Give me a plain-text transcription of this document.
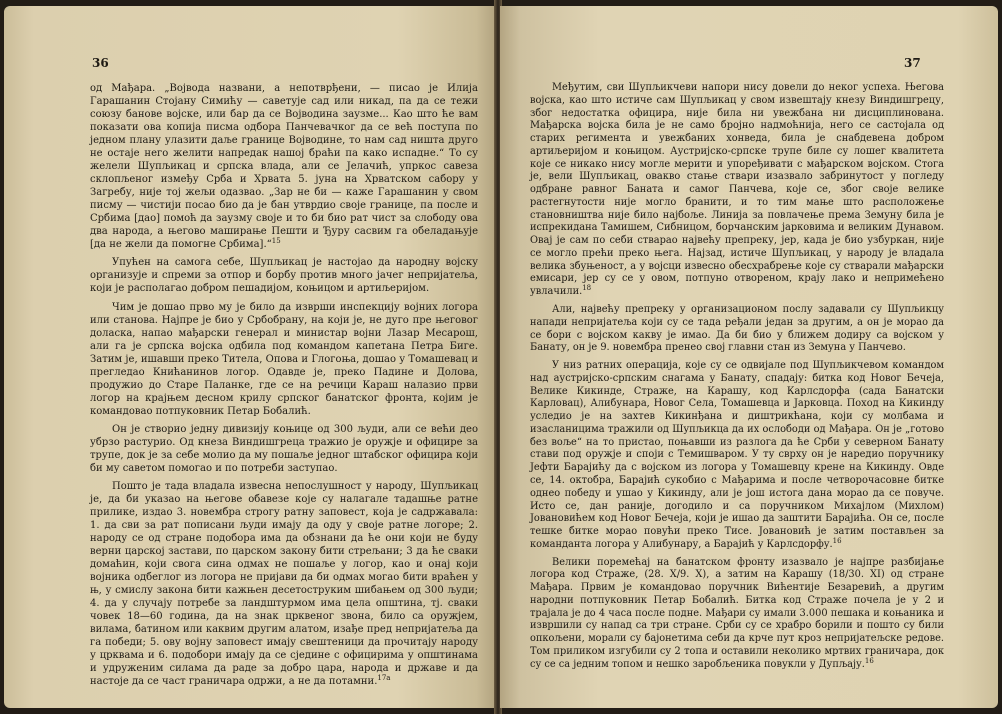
36

од Мађара. „Војвода названи, а непотврђени, — писао је Илија Гарашанин Стојану Симићу — саветује сад или никад, па да се тежи союзу банове војске, или бар да се Војводина заузме... Као што ће вам показати ова копија писма одбора Панчевачког да се већ поступа по једном плану улазити даље границе Војводине, то нам сад ништа друго не остаје него желити напредак нашој браћи па како испадне.“ То су желели Шупљикац и српска влада, али се Јелачић, упркос савеза склопљеног између Срба и Хрвата 5. јуна на Хрватском сабору у Загребу, није тој жељи одазвао. „Зар не би — каже Гарашанин у свом писму — чистији посао био да је бан утврдио своје границе, па после и Србима [дао] помоћ да заузму своје и то би био рат чист за слободу ова два народа, а његово маширање Пешти и Ђуру сасвим га обеладањује [да не жели да помогне Србима].“$^{15}$

Упућен на самога себе, Шупљикац је настојао да народну војску организује и спреми за отпор и борбу против много јачег непријатеља, који је располагао добром пешадијом, коњицом и артиљеријом.

Чим је дошао прво му је било да изврши инспекцију војних логора или станова. Најпре је био у Србобрану, на који је, не дуго пре његовог доласка, напао мађарски генерал и министар војни Лазар Месарош, али га је српска војска одбила под командом капетана Петра Биге. Затим је, ишавши преко Титела, Опова и Глогоња, дошао у Томашевац и прегледао Книћанинов логор. Одавде је, преко Падине и Долова, продужио до Старе Паланке, где се на речици Караш налазио први логор на крајњем десном крилу српског банатског фронта, којим је командовао потпуковник Петар Бобалић.

Он је створио једну дивизију коњице од 300 људи, али се већи део убрзо растурио. Од кнеза Виндишгреца тражио је оружје и официре за трупе, док је за себе молио да му пошаље једног штабског официра који би му саветом помогао и по потреби заступао.

Пошто је тада владала извесна непослушност у народу, Шупљикац је, да би указао на његове обавезе које су налагале тадашње ратне прилике, издао 3. новембра строгу ратну заповест, која је садржавала: 1. да сви за рат пописани људи имају да оду у своје ратне логоре; 2. народу се од стране подобора има да обзнани да ће они који не буду верни царској застави, по царском закону бити стрељани; 3 да ће сваки домаћин, који свога сина одмах не пошаље у логор, као и онај који војника одбеглог из логора не пријави да би одмах могао бити враћен у њ, у смислу закона бити кажњен десетоструким шибањем од 300 људи; 4. да у случају потребе за ландштурмом има цела општина, тј. сваки човек 18—60 година, да на знак црквеног звона, било са оружјем, вилама, батином или каквим другим алатом, изађе пред непријатеља да га победи; 5. ову војну заповест имају свештеници да прочитају народу у црквама и 6. подобори имају да се сједине с официрима у општинама и удруженим силама да раде за добро цара, народа и државе и да настоје да се част граничара одржи, а не да потамни.$^{17a}$

37

Међутим, сви Шупљикчеви напори нису довели до неког успеха. Његова војска, као што истиче сам Шупљикац у свом извештају кнезу Виндишгрецу, због недостатка официра, није била ни увежбана ни дисциплинована. Мађарска војска била је не само бројно надмоћнија, него се састојала од старих регимента и увежбаних хонведа, била је снабдевена добром артиљеријом и коњицом. Аустријско-српске трупе биле су лошег квалитета које се никако нису могле мерити и упоређивати с мађарском војском. Стога је, вели Шупљикац, овакво стање ствари изазвало забринутост у погледу одбране равног Баната и самог Панчева, које се, због своје велике растегнутости није могло бранити, и то тим мање што расположење становништва није било најбоље. Линија за повлачење према Земуну била је испрекидана Тамишем, Сибницом, борчанским јарковима и великим Дунавом. Овај је сам по себи стварао највећу препреку, јер, када је био узбуркан, није се могло прећи преко њега. Најзад, истиче Шупљикац, у народу је владала велика збуњеност, а у војсци извесно обесхрабрење које су стварали мађарски емисари, јер су се у овом, потпуно отвореном, крају лако и непримећено увлачили.$^{18}$

Али, највећу препреку у организационом послу задавали су Шупљикцу напади непријатеља који су се тада ређали један за другим, а он је морао да се бори с војском какву је имао. Да би био у ближем додиру са војском у Банату, он је 9. новембра пренео свој главни стан из Земуна у Панчево.

У низ ратних операција, које су се одвијале под Шупљикчевом командом над аустријско-српским снагама у Банату, спадају: битка код Новог Бечеја, Велике Кикинде, Страже, на Карашу, код Карлсдорфа (сада Банатски Карловац), Алибунара, Новог Села, Томашевца и Јарковца. Поход на Кикинду уследио је на захтев Кикинђана и диштрикћана, који су молбама и изасланицима тражили од Шупљикца да их ослободи од Мађара. Он је „готово без воље“ на то пристао, поњавши из разлога да ће Срби у северном Банату стави под оружје и споји с Темишваром. У ту сврху он је наредио поручнику Јефти Барајићу да с војском из логора у Томашевцу крене на Кикинду. Овде се, 14. октобра, Барајић сукобио с Мађарима и после четворочасовне битке однео победу и ушао у Кикинду, али је још истога дана морао да се повуче. Исто се, дан раније, догодило и са поручником Михајлом (Михлом) Јовановићем код Новог Бечеја, који је ишао да заштити Барајића. Он се, после тешке битке морао повући преко Тисе. Јовановић је затим постављен за команданта логора у Алибунару, а Барајић у Карлсдорфу.$^{16}$

Велики поремећај на банатском фронту изазвало је најпре разбијање логора код Страже, (28. X/9. X), а затим на Карашу (18/30. XI) од стране Мађара. Првим је командовао поручник Вићентије Безаревић, а другим народни потпуковник Петар Бобалић. Битка код Страже почела је у 2 и трајала је до 4 часа после подне. Мађари су имали 3.000 пешака и коњаника и извршили су напад са три стране. Срби су се храбро борили и пошто су били опкољени, морали су бајонетима себи да крче пут кроз непријатељске редове. Том приликом изгубили су 2 топа и оставили неколико мртвих граничара, док су се са једним топом и нешко заробљеника повукли у Дупљају.$^{16}$
